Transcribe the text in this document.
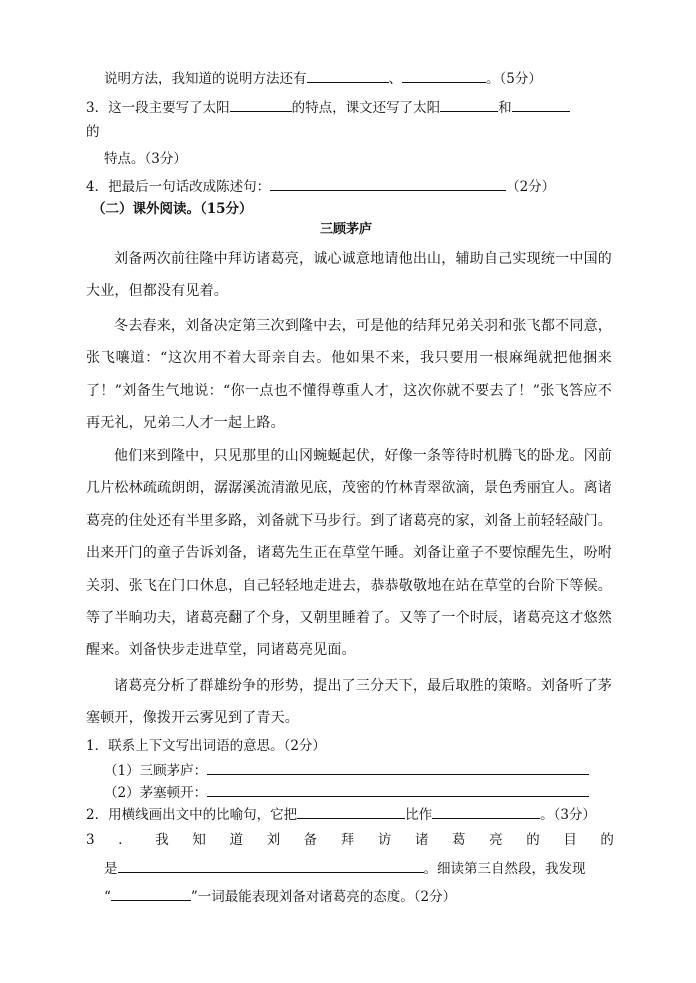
说明方法，我知道的说明方法还有	、	。（5分）
3．这一段主要写了太阳	的特点，课文还写了太阳	和
的
特点。（3分）
4．把最后一句话改成陈述句：	（2分）
（二）课外阅读。（15分）
三顾茅庐

刘备两次前往隆中拜访诸葛亮，诚心诚意地请他出山，辅助自己实现统一中国的大业，但都没有见着。

冬去春来，刘备决定第三次到隆中去，可是他的结拜兄弟关羽和张飞都不同意，张飞嚷道：“这次用不着大哥亲自去。他如果不来，我只要用一根麻绳就把他捆来了！”刘备生气地说：“你一点也不懂得尊重人才，这次你就不要去了！”张飞答应不再无礼，兄弟二人才一起上路。

他们来到隆中，只见那里的山冈蜿蜒起伏，好像一条等待时机腾飞的卧龙。冈前几片松林疏疏朗朗，潺潺溪流清澈见底，茂密的竹林青翠欲滴，景色秀丽宜人。离诸葛亮的住处还有半里多路，刘备就下马步行。到了诸葛亮的家，刘备上前轻轻敲门。出来开门的童子告诉刘备，诸葛先生正在草堂午睡。刘备让童子不要惊醒先生，吩咐关羽、张飞在门口休息，自己轻轻地走进去，恭恭敬敬地在站在草堂的台阶下等候。等了半晌功夫，诸葛亮翻了个身，又朝里睡着了。又等了一个时辰，诸葛亮这才悠然醒来。刘备快步走进草堂，同诸葛亮见面。

诸葛亮分析了群雄纷争的形势，提出了三分天下，最后取胜的策略。刘备听了茅塞顿开，像拨开云雾见到了青天。

1．联系上下文写出词语的意思。（2分）
（1）三顾茅庐：
（2）茅塞顿开：
2．用横线画出文中的比喻句，它把	比作	。（3分）
3 ． 我 知 道 刘 备 拜 访 诸 葛 亮 的 目 的
是	。细读第三自然段，我发现
“	”一词最能表现刘备对诸葛亮的态度。（2分）
